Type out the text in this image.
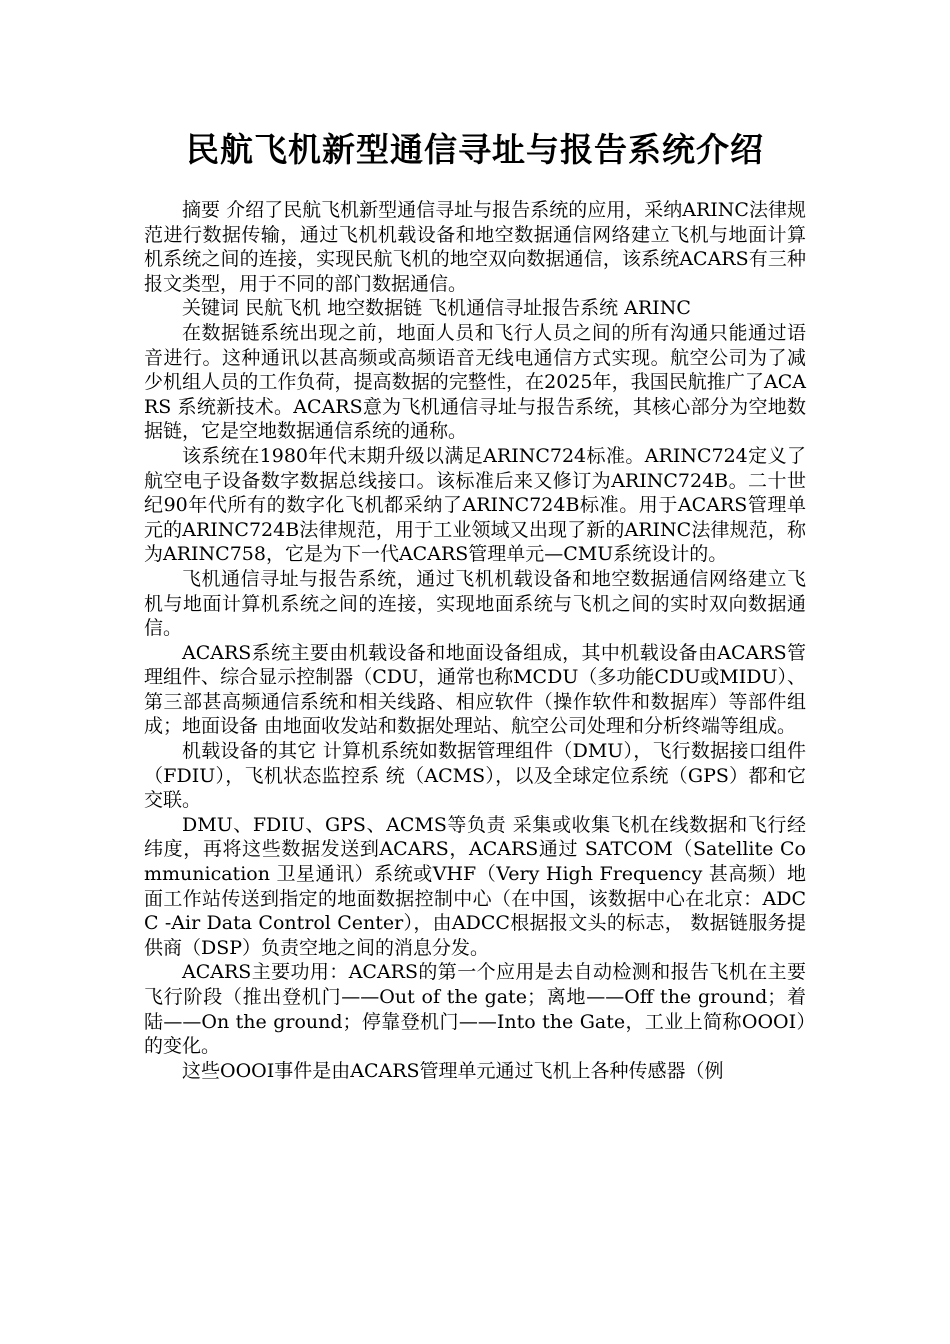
民航飞机新型通信寻址与报告系统介绍

摘要 介绍了民航飞机新型通信寻址与报告系统的应用，采纳ARINC法律规范进行数据传输，通过飞机机载设备和地空数据通信网络建立飞机与地面计算机系统之间的连接，实现民航飞机的地空双向数据通信，该系统ACARS有三种报文类型，用于不同的部门数据通信。

关键词 民航飞机 地空数据链 飞机通信寻址报告系统 ARINC

在数据链系统出现之前，地面人员和飞行人员之间的所有沟通只能通过语音进行。这种通讯以甚高频或高频语音无线电通信方式实现。航空公司为了减少机组人员的工作负荷，提高数据的完整性，在2025年，我国民航推广了ACARS 系统新技术。ACARS意为飞机通信寻址与报告系统，其核心部分为空地数据链，它是空地数据通信系统的通称。

该系统在1980年代末期升级以满足ARINC724标准。ARINC724定义了航空电子设备数字数据总线接口。该标准后来又修订为ARINC724B。二十世纪90年代所有的数字化飞机都采纳了ARINC724B标准。用于ACARS管理单元的ARINC724B法律规范，用于工业领域又出现了新的ARINC法律规范，称为ARINC758，它是为下一代ACARS管理单元—CMU系统设计的。

飞机通信寻址与报告系统，通过飞机机载设备和地空数据通信网络建立飞机与地面计算机系统之间的连接，实现地面系统与飞机之间的实时双向数据通信。

ACARS系统主要由机载设备和地面设备组成，其中机载设备由ACARS管理组件、综合显示控制器（CDU，通常也称MCDU（多功能CDU或MIDU）、第三部甚高频通信系统和相关线路、相应软件（操作软件和数据库）等部件组成；地面设备 由地面收发站和数据处理站、航空公司处理和分析终端等组成。

机载设备的其它 计算机系统如数据管理组件（DMU），飞行数据接口组件（FDIU），飞机状态监控系 统（ACMS），以及全球定位系统（GPS）都和它交联。

DMU、FDIU、GPS、ACMS等负责 采集或收集飞机在线数据和飞行经纬度，再将这些数据发送到ACARS，ACARS通过 SATCOM（Satellite Communication 卫星通讯）系统或VHF（Very High Frequency 甚高频）地面工作站传送到指定的地面数据控制中心（在中国，该数据中心在北京：ADCC -Air Data Control Center），由ADCC根据报文头的标志， 数据链服务提 供商（DSP）负责空地之间的消息分发。

ACARS主要功用：ACARS的第一个应用是去自动检测和报告飞机在主要飞行阶段（推出登机门——Out of the gate；离地——Off the ground；着陆——On the ground；停靠登机门——Into the Gate，工业上简称OOOI）的变化。

这些OOOI事件是由ACARS管理单元通过飞机上各种传感器（例
